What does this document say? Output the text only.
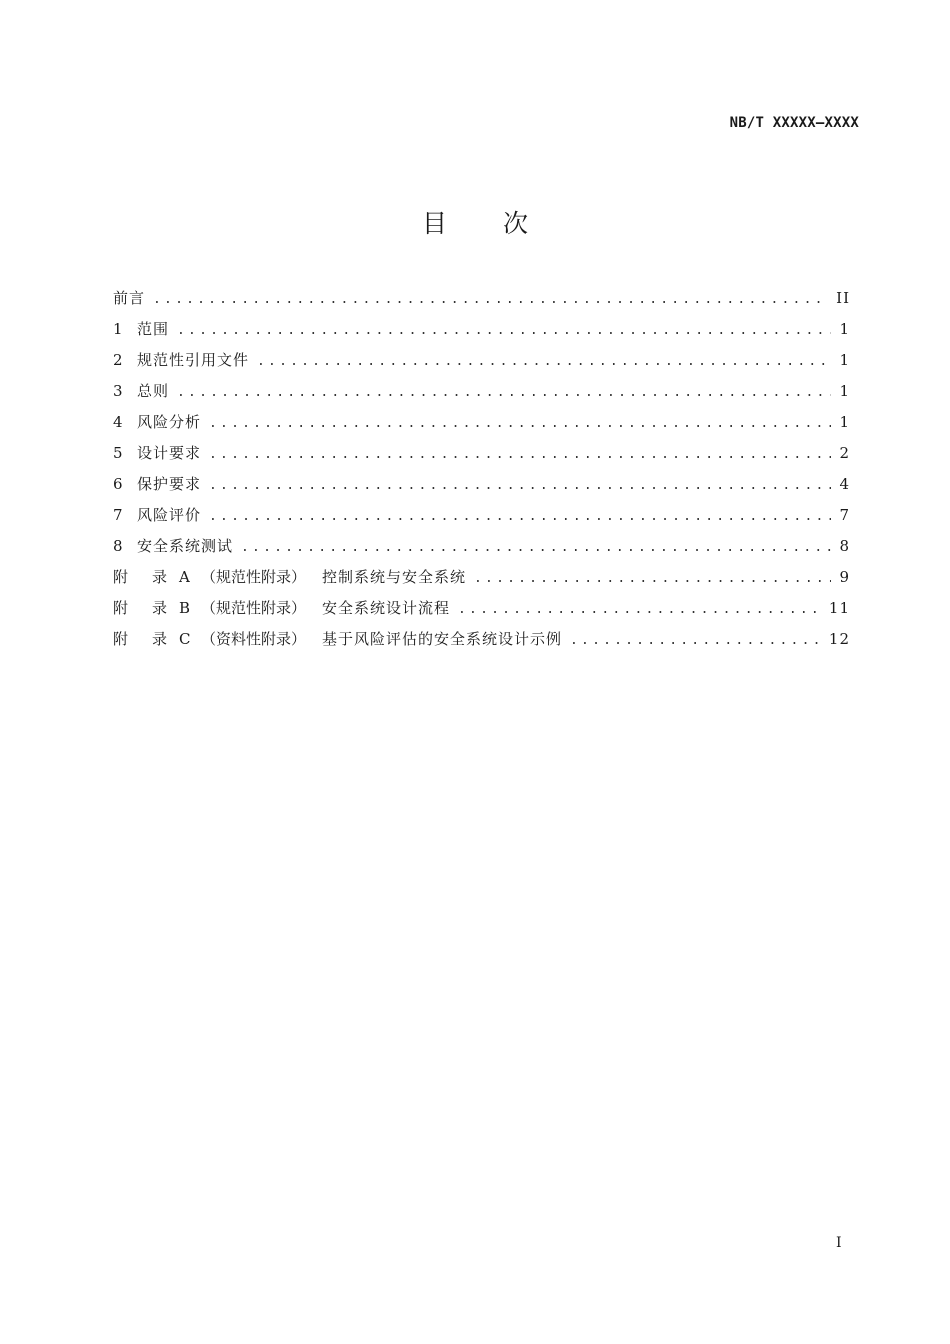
NB/T XXXXX—XXXX
目 次
前言 .....	II
1 范围 .....	1
2 规范性引用文件 .....	1
3 总则 .....	1
4 风险分析 .....	1
5 设计要求 .....	2
6 保护要求 .....	4
7 风险评价 .....	7
8 安全系统测试 .....	8
附 录 A （规范性附录）	控制系统与安全系统 .....	9
附 录 B （规范性附录）	安全系统设计流程 .....	11
附 录 C （资料性附录）	基于风险评估的安全系统设计示例 .....	12
I
